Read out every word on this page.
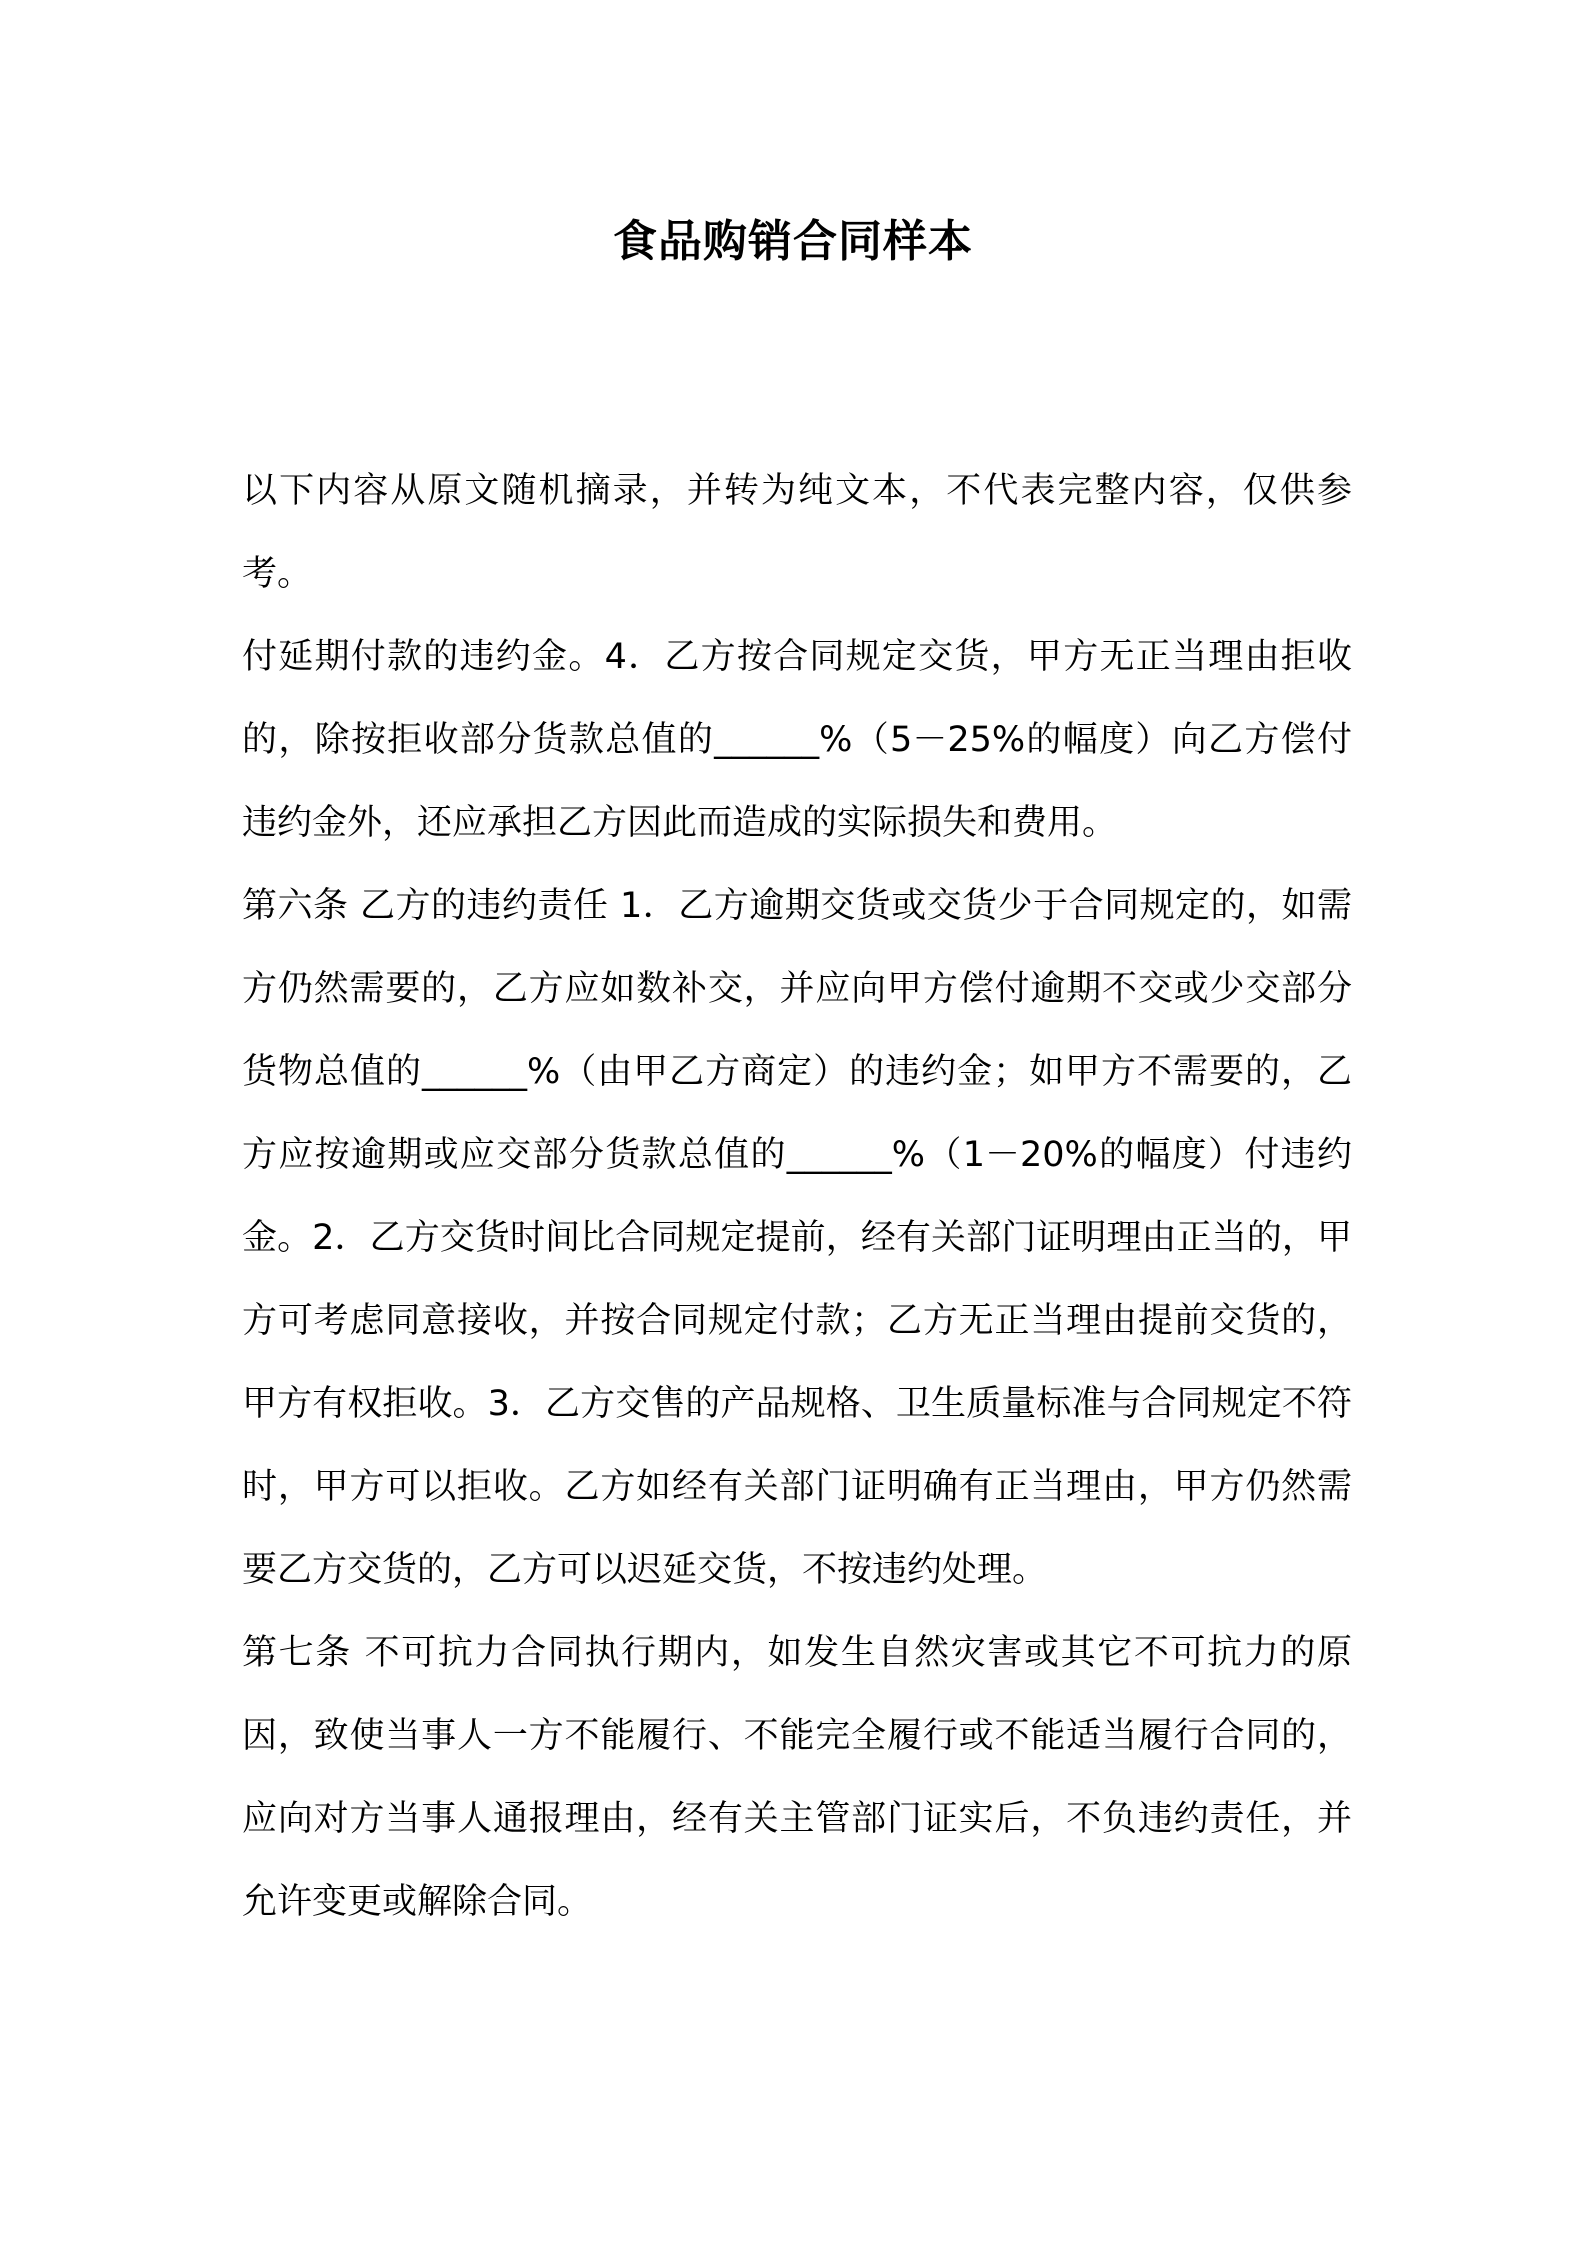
食品购销合同样本

以下内容从原文随机摘录，并转为纯文本，不代表完整内容，仅供参考。

付延期付款的违约金。4．乙方按合同规定交货，甲方无正当理由拒收的，除按拒收部分货款总值的______%（5－25%的幅度）向乙方偿付违约金外，还应承担乙方因此而造成的实际损失和费用。

第六条 乙方的违约责任 1．乙方逾期交货或交货少于合同规定的，如需方仍然需要的，乙方应如数补交，并应向甲方偿付逾期不交或少交部分货物总值的______%（由甲乙方商定）的违约金；如甲方不需要的，乙方应按逾期或应交部分货款总值的______%（1－20%的幅度）付违约金。2．乙方交货时间比合同规定提前，经有关部门证明理由正当的，甲方可考虑同意接收，并按合同规定付款；乙方无正当理由提前交货的，甲方有权拒收。3．乙方交售的产品规格、卫生质量标准与合同规定不符时，甲方可以拒收。乙方如经有关部门证明确有正当理由，甲方仍然需要乙方交货的，乙方可以迟延交货，不按违约处理。

第七条 不可抗力合同执行期内，如发生自然灾害或其它不可抗力的原因，致使当事人一方不能履行、不能完全履行或不能适当履行合同的，应向对方当事人通报理由，经有关主管部门证实后，不负违约责任，并允许变更或解除合同。
